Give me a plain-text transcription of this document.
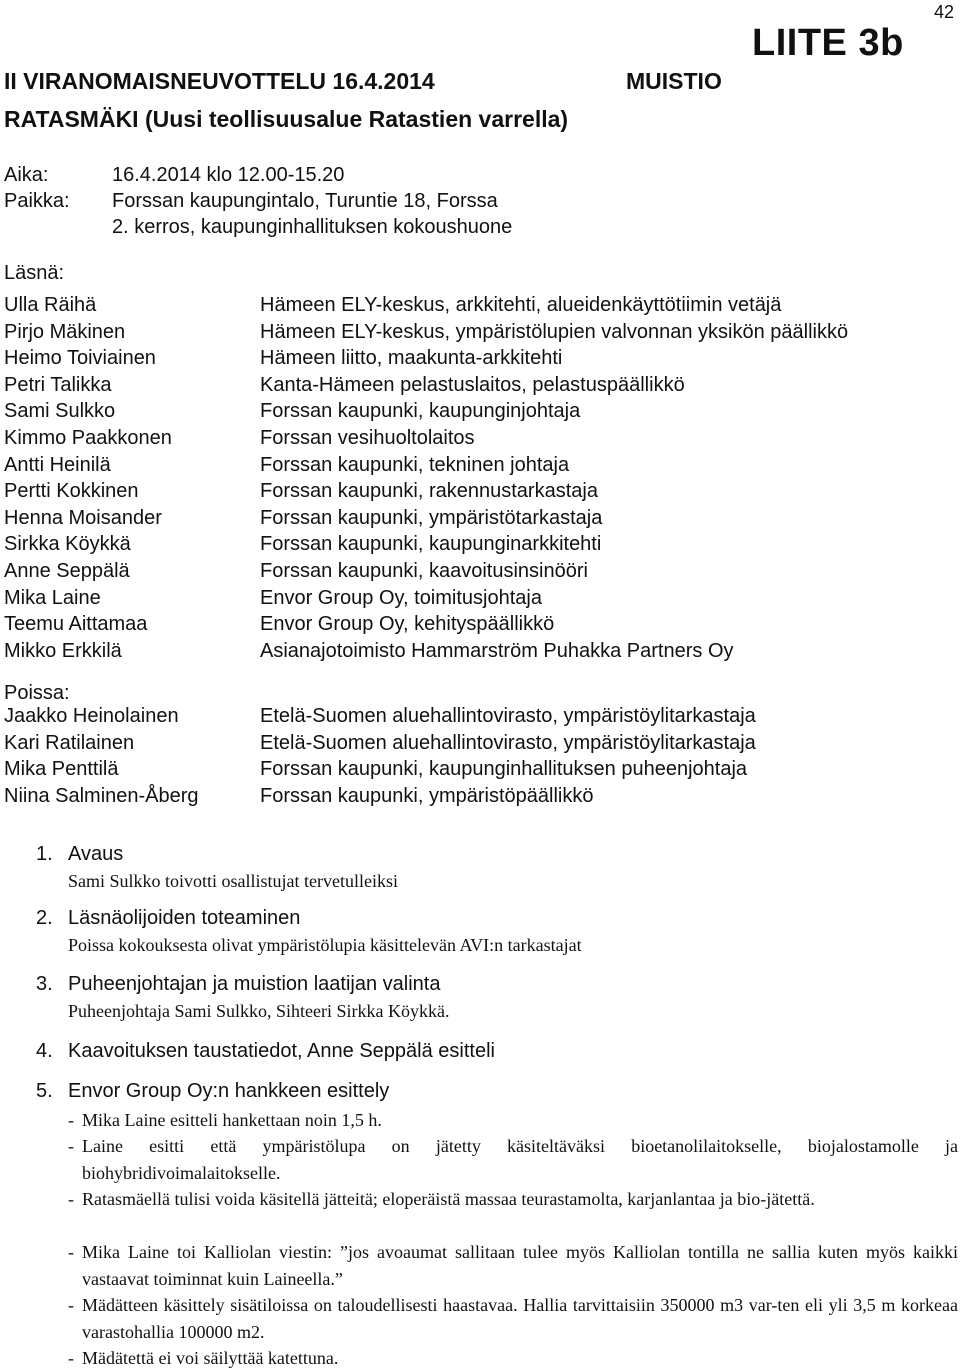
42
LIITE 3b
II VIRANOMAISNEUVOTTELU 16.4.2014	MUISTIO
RATASMÄKI (Uusi teollisuusalue Ratastien varrella)
Aika:	16.4.2014 klo 12.00-15.20
Paikka: Forssan kaupungintalo, Turuntie 18, Forssa
2. kerros, kaupunginhallituksen kokoushuone
Läsnä:
Ulla Räihä	Hämeen ELY-keskus, arkkitehti, alueidenkäyttötiimin vetäjä
Pirjo Mäkinen	Hämeen ELY-keskus, ympäristölupien valvonnan yksikön päällikkö
Heimo Toiviainen	Hämeen liitto, maakunta-arkkitehti
Petri Talikka	Kanta-Hämeen pelastuslaitos, pelastuspäällikkö
Sami Sulkko	Forssan kaupunki, kaupunginjohtaja
Kimmo Paakkonen	Forssan vesihuoltolaitos
Antti Heinilä	Forssan kaupunki, tekninen johtaja
Pertti Kokkinen	Forssan kaupunki, rakennustarkastaja
Henna Moisander	Forssan kaupunki, ympäristötarkastaja
Sirkka Köykkä	Forssan kaupunki, kaupunginarkkitehti
Anne Seppälä	Forssan kaupunki, kaavoitusinsinööri
Mika Laine	Envor Group Oy, toimitusjohtaja
Teemu Aittamaa	Envor Group Oy, kehityspäällikkö
Mikko Erkkilä	Asianajotoimisto Hammarström Puhakka Partners Oy
Poissa:
Jaakko Heinolainen	Etelä-Suomen aluehallintovirasto, ympäristöylitarkastaja
Kari Ratilainen	Etelä-Suomen aluehallintovirasto, ympäristöylitarkastaja
Mika Penttilä	Forssan kaupunki, kaupunginhallituksen puheenjohtaja
Niina Salminen-Åberg	Forssan kaupunki, ympäristöpäällikkö
1. Avaus
Sami Sulkko toivotti osallistujat tervetulleiksi
2. Läsnäolijoiden toteaminen
Poissa kokouksesta olivat ympäristölupia käsittelevän AVI:n tarkastajat
3. Puheenjohtajan ja muistion laatijan valinta
Puheenjohtaja Sami Sulkko, Sihteeri Sirkka Köykkä.
4. Kaavoituksen taustatiedot, Anne Seppälä esitteli
5. Envor Group Oy:n hankkeen esittely
- Mika Laine esitteli hankettaan noin 1,5 h.
- Laine esitti että ympäristölupa on jätetty käsiteltäväksi bioetanolilaitokselle, biojalostamolle ja biohybridivoimalaitokselle.
- Ratasmäellä tulisi voida käsitellä jätteitä; eloperäistä massaa teurastamolta, karjanlantaa ja bio-jätettä.
- Mika Laine toi Kalliolan viestin: ”jos avoaumat sallitaan tulee myös Kalliolan tontilla ne sallia kuten myös kaikki vastaavat toiminnat kuin Laineella.”
- Mädätteen käsittely sisätiloissa on taloudellisesti haastavaa. Hallia tarvittaisiin 350000 m3 var-ten eli yli 3,5 m korkeaa varastohallia 100000 m2.
- Mädätettä ei voi säilyttää katettuna.
